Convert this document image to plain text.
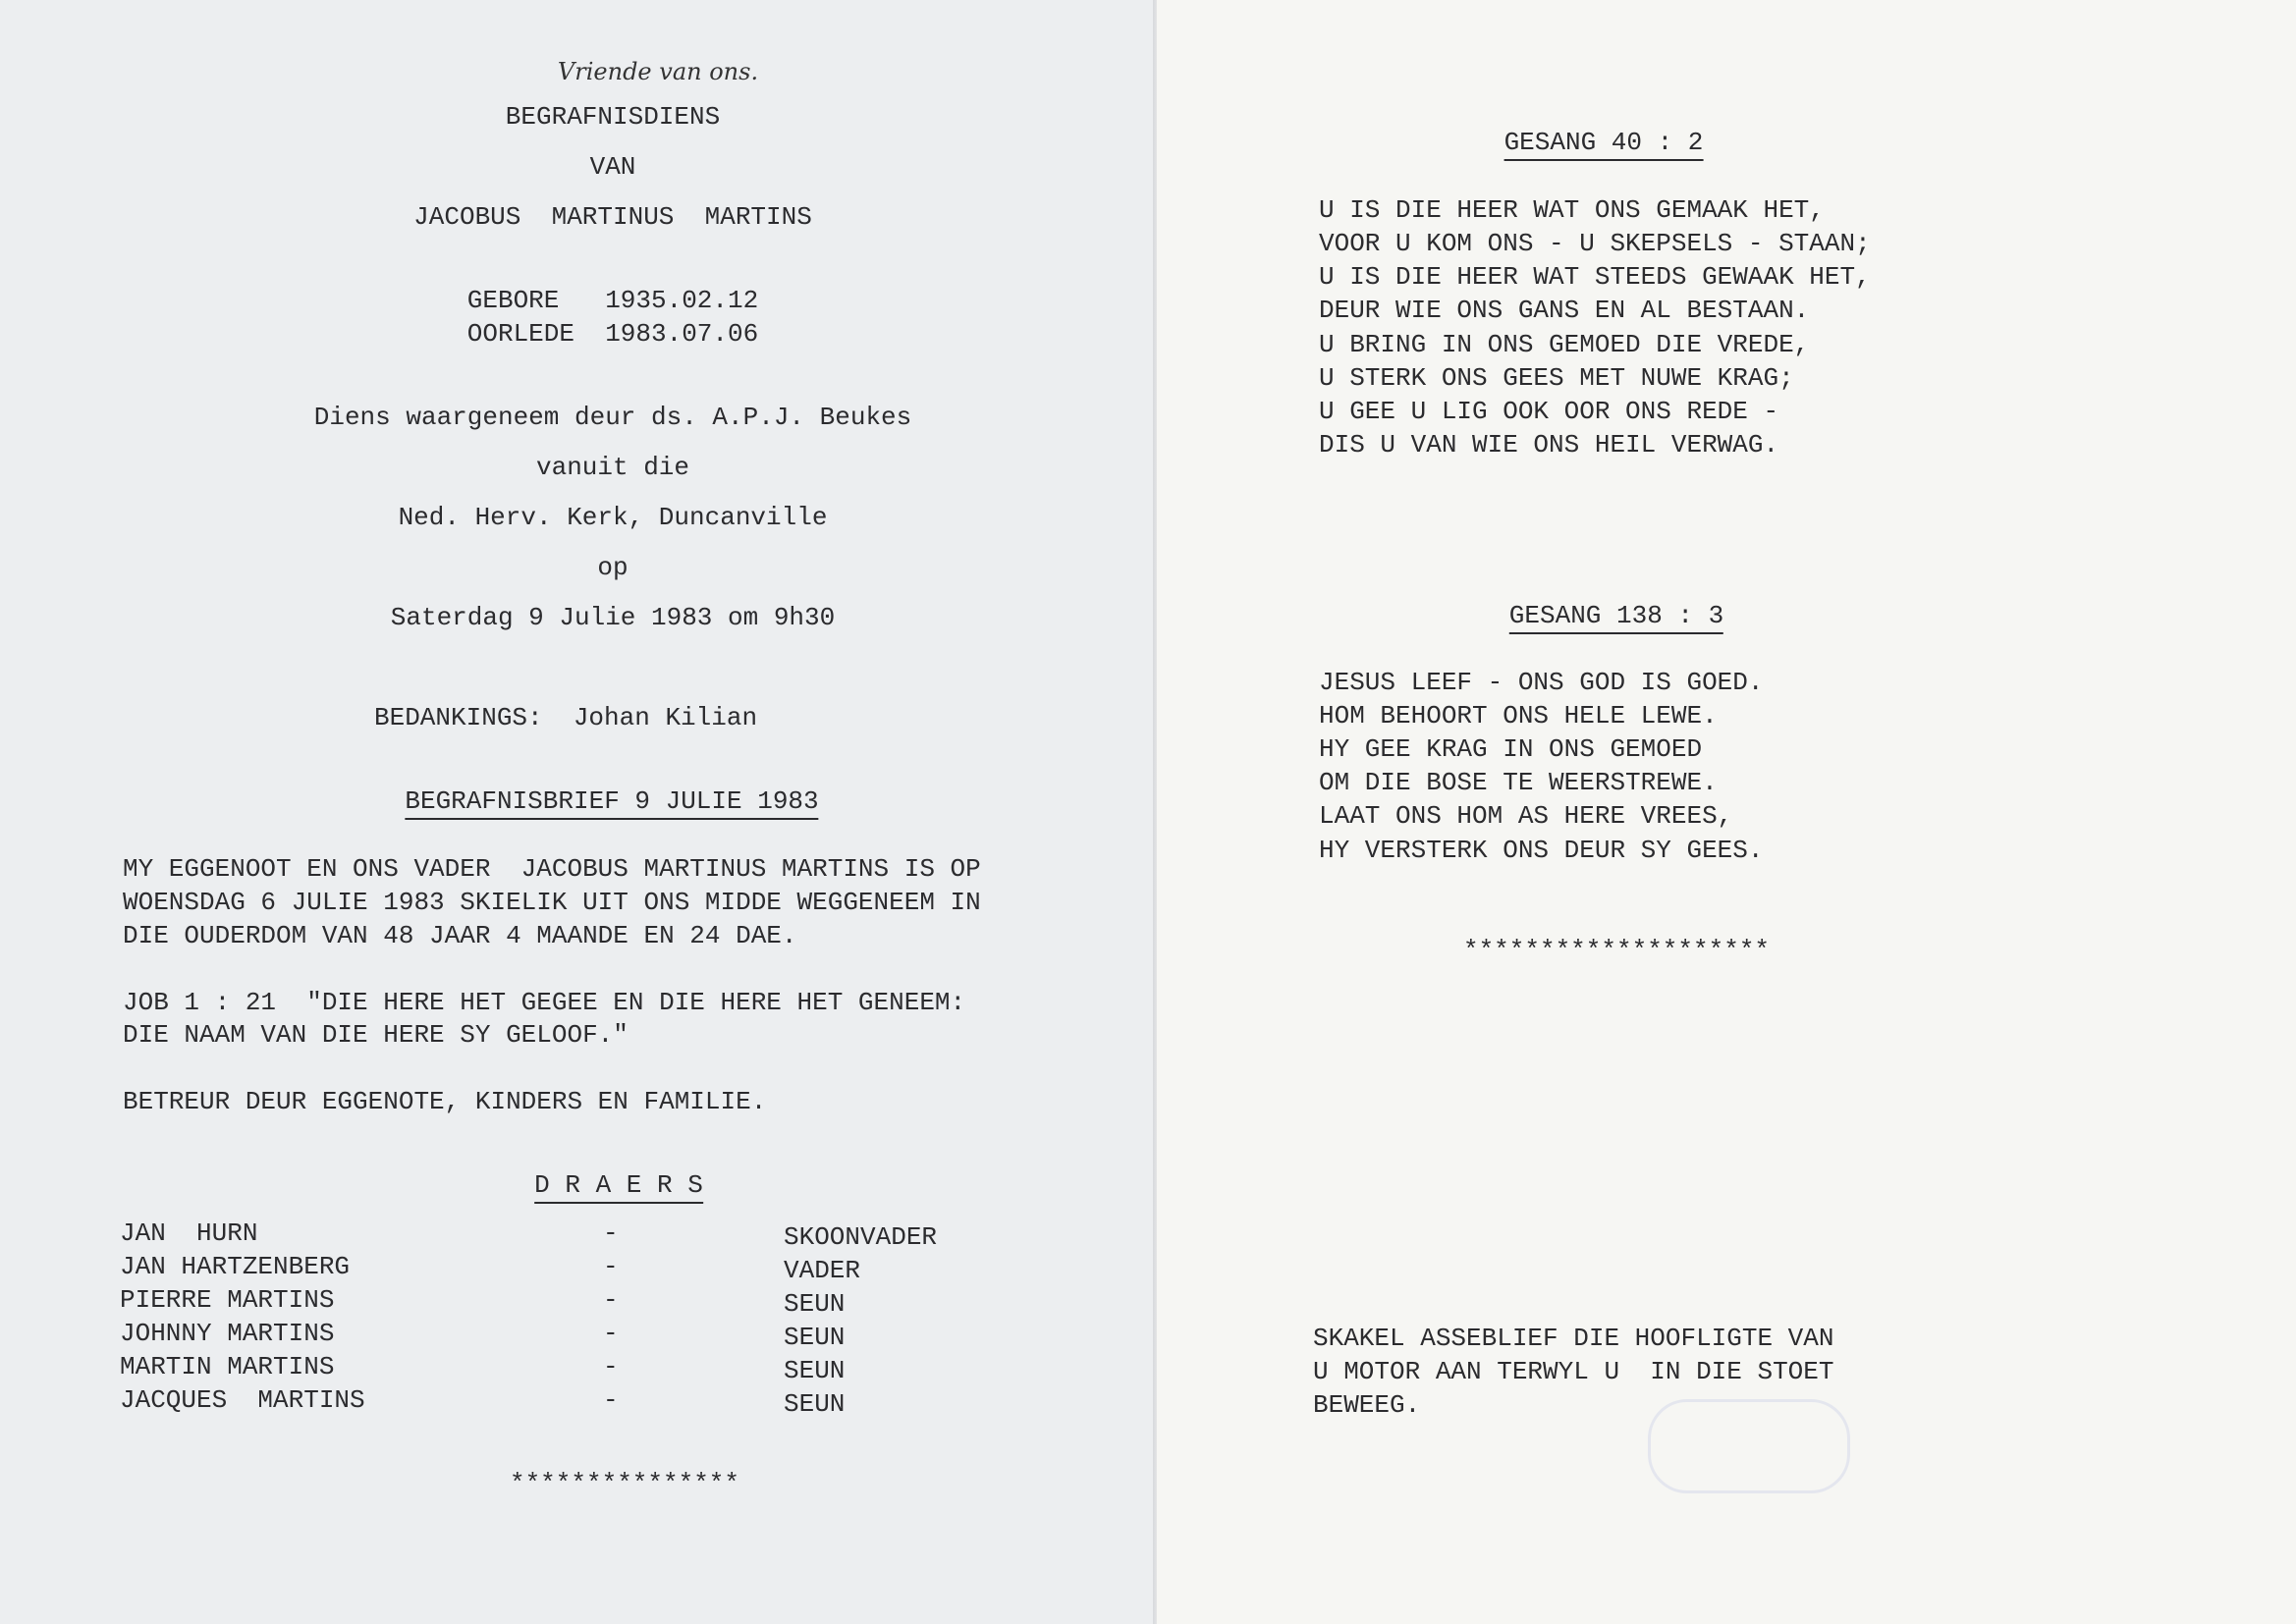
Vriende van ons.
BEGRAFNISDIENS
VAN
JACOBUS  MARTINUS  MARTINS
GEBORE   1935.02.12
OORLEDE  1983.07.06
Diens waargeneem deur ds. A.P.J. Beukes
vanuit die
Ned. Herv. Kerk, Duncanville
op
Saterdag 9 Julie 1983 om 9h30
BEDANKINGS:  Johan Kilian
BEGRAFNISBRIEF 9 JULIE 1983
MY EGGENOOT EN ONS VADER  JACOBUS MARTINUS MARTINS IS OP
WOENSDAG 6 JULIE 1983 SKIELIK UIT ONS MIDDE WEGGENEEM IN
DIE OUDERDOM VAN 48 JAAR 4 MAANDE EN 24 DAE.
JOB 1 : 21  "DIE HERE HET GEGEE EN DIE HERE HET GENEEM:
DIE NAAM VAN DIE HERE SY GELOOF."
BETREUR DEUR EGGENOTE, KINDERS EN FAMILIE.
D R A E R S
JAN  HURN	-	SKOONVADER
JAN HARTZENBERG	-	VADER
PIERRE MARTINS	-	SEUN
JOHNNY MARTINS	-	SEUN
MARTIN MARTINS	-	SEUN
JACQUES  MARTINS	-	SEUN
***************
GESANG 40 : 2
U IS DIE HEER WAT ONS GEMAAK HET,
VOOR U KOM ONS - U SKEPSELS - STAAN;
U IS DIE HEER WAT STEEDS GEWAAK HET,
DEUR WIE ONS GANS EN AL BESTAAN.
U BRING IN ONS GEMOED DIE VREDE,
U STERK ONS GEES MET NUWE KRAG;
U GEE U LIG OOK OOR ONS REDE -
DIS U VAN WIE ONS HEIL VERWAG.
GESANG 138 : 3
JESUS LEEF - ONS GOD IS GOED.
HOM BEHOORT ONS HELE LEWE.
HY GEE KRAG IN ONS GEMOED
OM DIE BOSE TE WEERSTREWE.
LAAT ONS HOM AS HERE VREES,
HY VERSTERK ONS DEUR SY GEES.
********************
SKAKEL ASSEBLIEF DIE HOOFLIGTE VAN
U MOTOR AAN TERWYL U  IN DIE STOET
BEWEEG.
